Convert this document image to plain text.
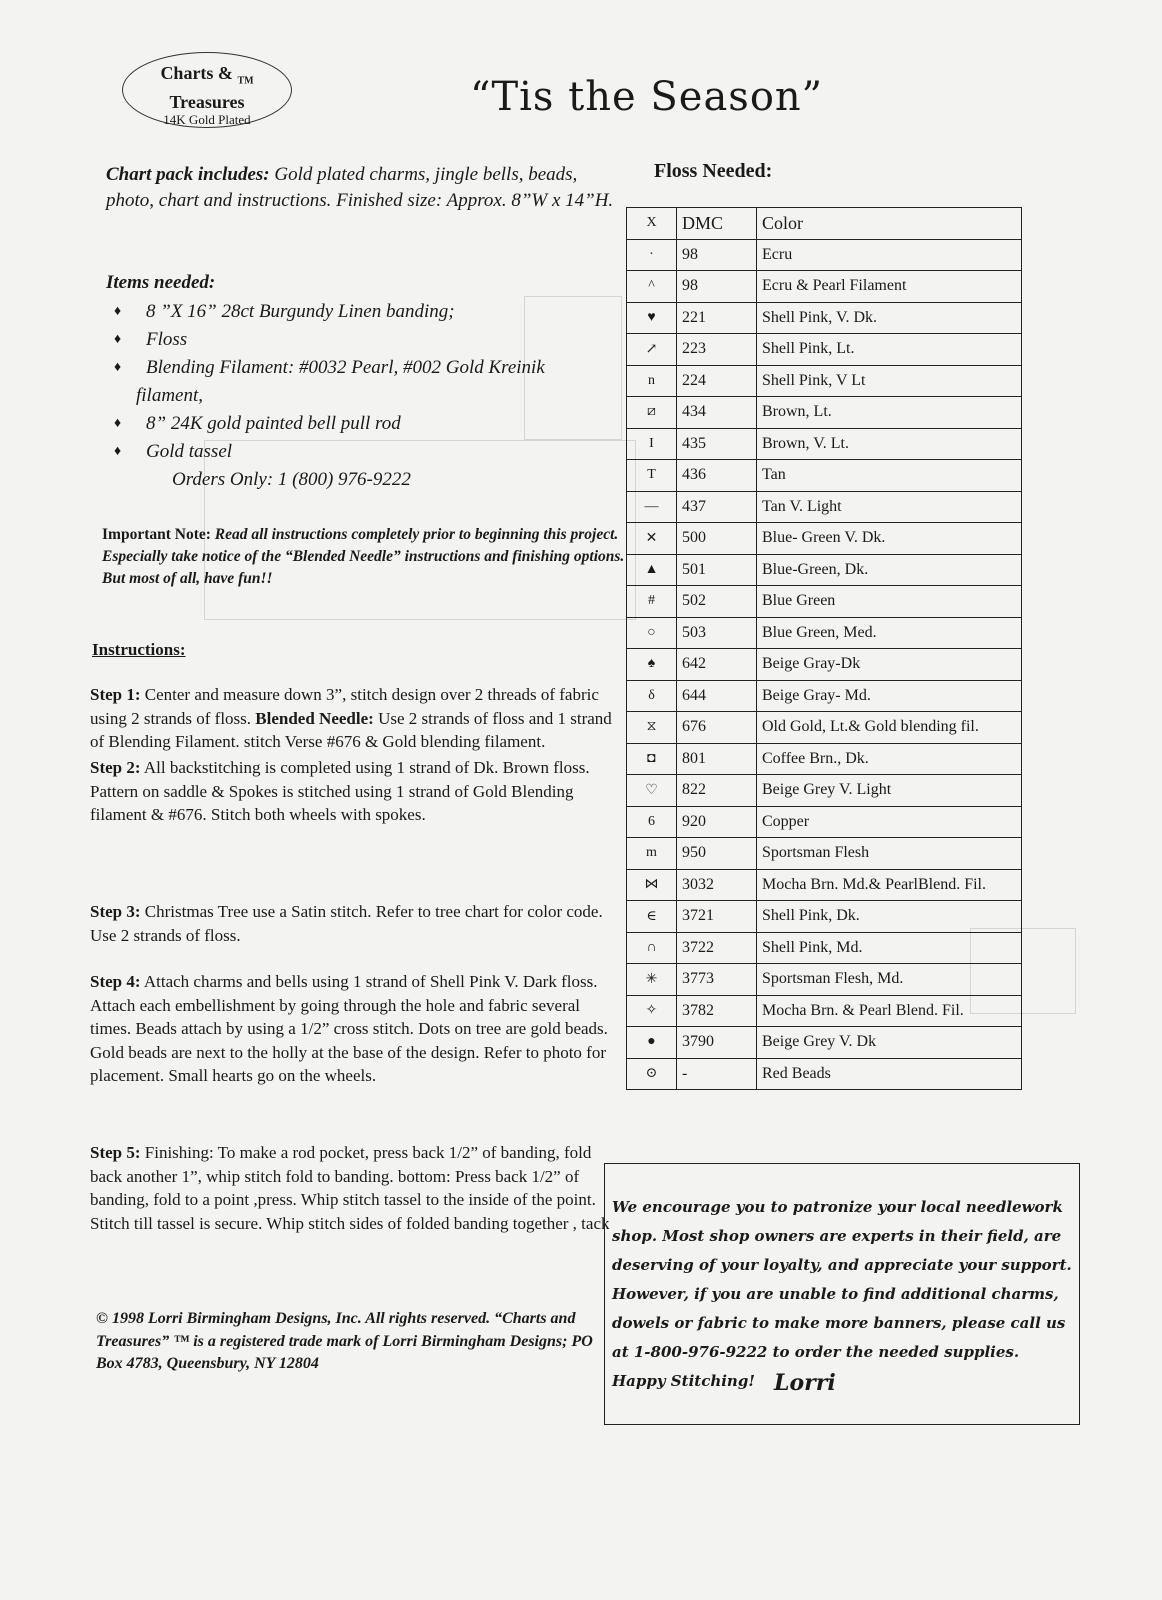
Charts & $_{TM}$
Treasures
14K Gold Plated	“Tis the Season”
Chart pack includes: Gold plated charms, jingle bells, beads, photo, chart and instructions. Finished size: Approx. 8”W x 14”H.
Items needed:
♦ 8 ”X 16” 28ct Burgundy Linen banding;
♦ Floss
♦ Blending Filament: #0032 Pearl, #002 Gold Kreinik
filament,
♦ 8” 24K gold painted bell pull rod
♦ Gold tassel
Orders Only: 1 (800) 976-9222
Important Note: Read all instructions completely prior to beginning this project. Especially take notice of the “Blended Needle” instructions and finishing options. But most of all, have fun!!
Instructions:
Step 1: Center and measure down 3”, stitch design over 2 threads of fabric using 2 strands of floss. Blended Needle: Use 2 strands of floss and 1 strand of Blending Filament. stitch Verse #676 & Gold blending filament.
Step 2: All backstitching is completed using 1 strand of Dk. Brown floss. Pattern on saddle & Spokes is stitched using 1 strand of Gold Blending filament & #676. Stitch both wheels with spokes.
Step 3: Christmas Tree use a Satin stitch. Refer to tree chart for color code. Use 2 strands of floss.
Step 4: Attach charms and bells using 1 strand of Shell Pink V. Dark floss. Attach each embellishment by going through the hole and fabric several times. Beads attach by using a 1/2” cross stitch. Dots on tree are gold beads. Gold beads are next to the holly at the base of the design. Refer to photo for placement. Small hearts go on the wheels.
Step 5: Finishing: To make a rod pocket, press back 1/2” of banding, fold back another 1”, whip stitch fold to banding. bottom: Press back 1/2” of banding, fold to a point ,press. Whip stitch tassel to the inside of the point. Stitch till tassel is secure. Whip stitch sides of folded banding together , tack
© 1998 Lorri Birmingham Designs, Inc. All rights reserved. “Charts and Treasures” ™ is a registered trade mark of Lorri Birmingham Designs; PO Box 4783, Queensbury, NY 12804
Floss Needed:
X	DMC	Color
·	98	Ecru
^	98	Ecru & Pearl Filament
♥	221	Shell Pink, V. Dk.
↗	223	Shell Pink, Lt.
n	224	Shell Pink, V Lt
⧄	434	Brown, Lt.
I	435	Brown, V. Lt.
T	436	Tan
—	437	Tan V. Light
✕	500	Blue- Green V. Dk.
▲	501	Blue-Green, Dk.
#	502	Blue Green
○	503	Blue Green, Med.
♠	642	Beige Gray-Dk
δ	644	Beige Gray- Md.
⧖	676	Old Gold, Lt.& Gold blending fil.
◘	801	Coffee Brn., Dk.
♡	822	Beige Grey V. Light
6	920	Copper
m	950	Sportsman Flesh
⋈	3032	Mocha Brn. Md.& PearlBlend. Fil.
∈	3721	Shell Pink, Dk.
∩	3722	Shell Pink, Md.
✳	3773	Sportsman Flesh, Md.
✧	3782	Mocha Brn. & Pearl Blend. Fil.
●	3790	Beige Grey V. Dk
⊙	-	Red Beads
We encourage you to patronize your local needlework shop. Most shop owners are experts in their field, are deserving of your loyalty, and appreciate your support. However, if you are unable to find additional charms, dowels or fabric to make more banners, please call us at 1-800-976-9222 to order the needed supplies. Happy Stitching! Lorri
